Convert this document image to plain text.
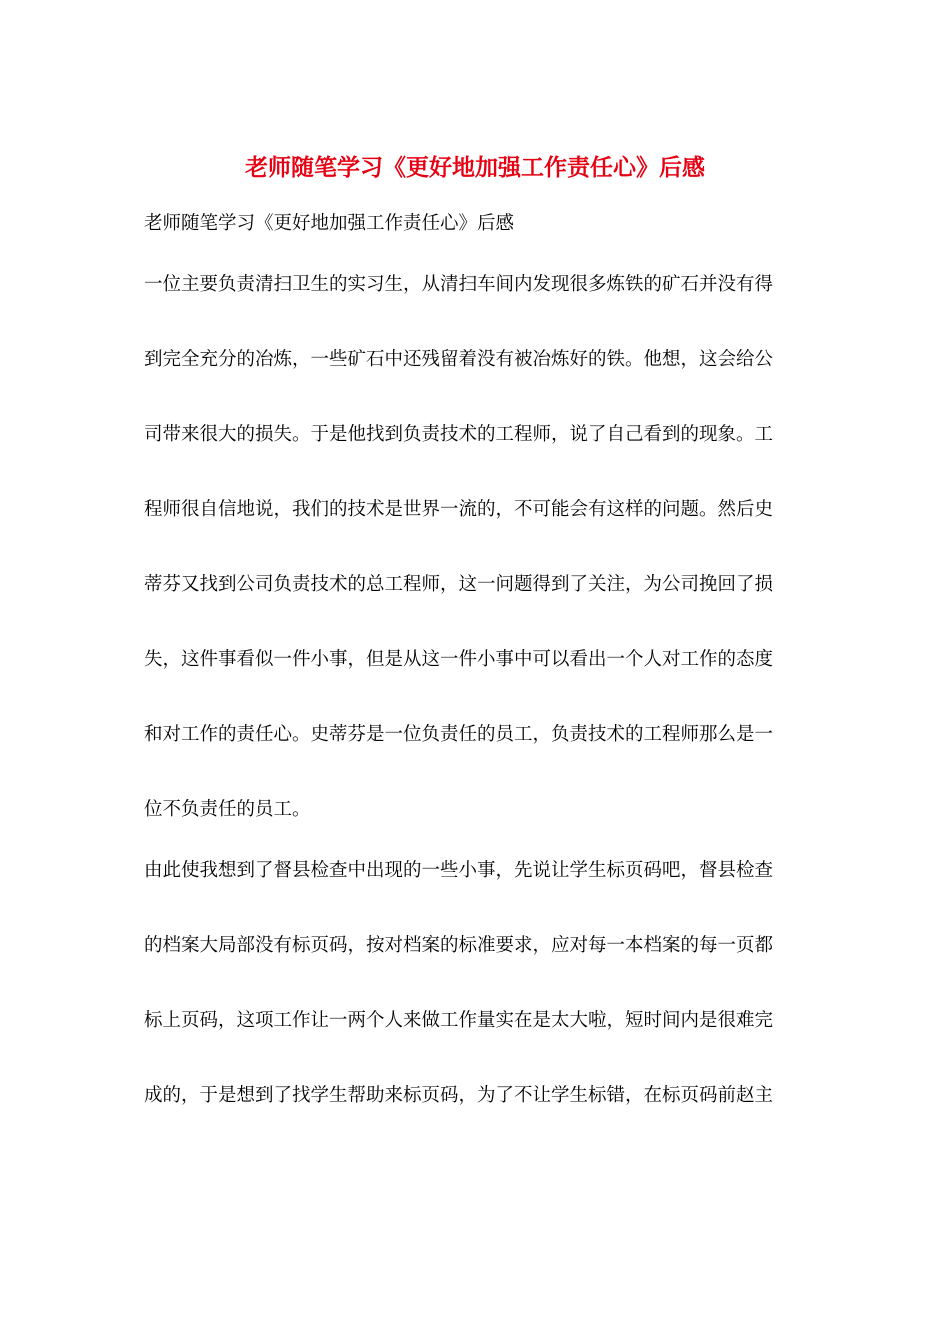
老师随笔学习《更好地加强工作责任心》后感
老师随笔学习《更好地加强工作责任心》后感
一位主要负责清扫卫生的实习生，从清扫车间内发现很多炼铁的矿石并没有得
到完全充分的冶炼，一些矿石中还残留着没有被冶炼好的铁。他想，这会给公
司带来很大的损失。于是他找到负责技术的工程师，说了自己看到的现象。工
程师很自信地说，我们的技术是世界一流的，不可能会有这样的问题。然后史
蒂芬又找到公司负责技术的总工程师，这一问题得到了关注，为公司挽回了损
失，这件事看似一件小事，但是从这一件小事中可以看出一个人对工作的态度
和对工作的责任心。史蒂芬是一位负责任的员工，负责技术的工程师那么是一
位不负责任的员工。
由此使我想到了督县检查中出现的一些小事，先说让学生标页码吧，督县检查
的档案大局部没有标页码，按对档案的标准要求，应对每一本档案的每一页都
标上页码，这项工作让一两个人来做工作量实在是太大啦，短时间内是很难完
成的，于是想到了找学生帮助来标页码，为了不让学生标错，在标页码前赵主
